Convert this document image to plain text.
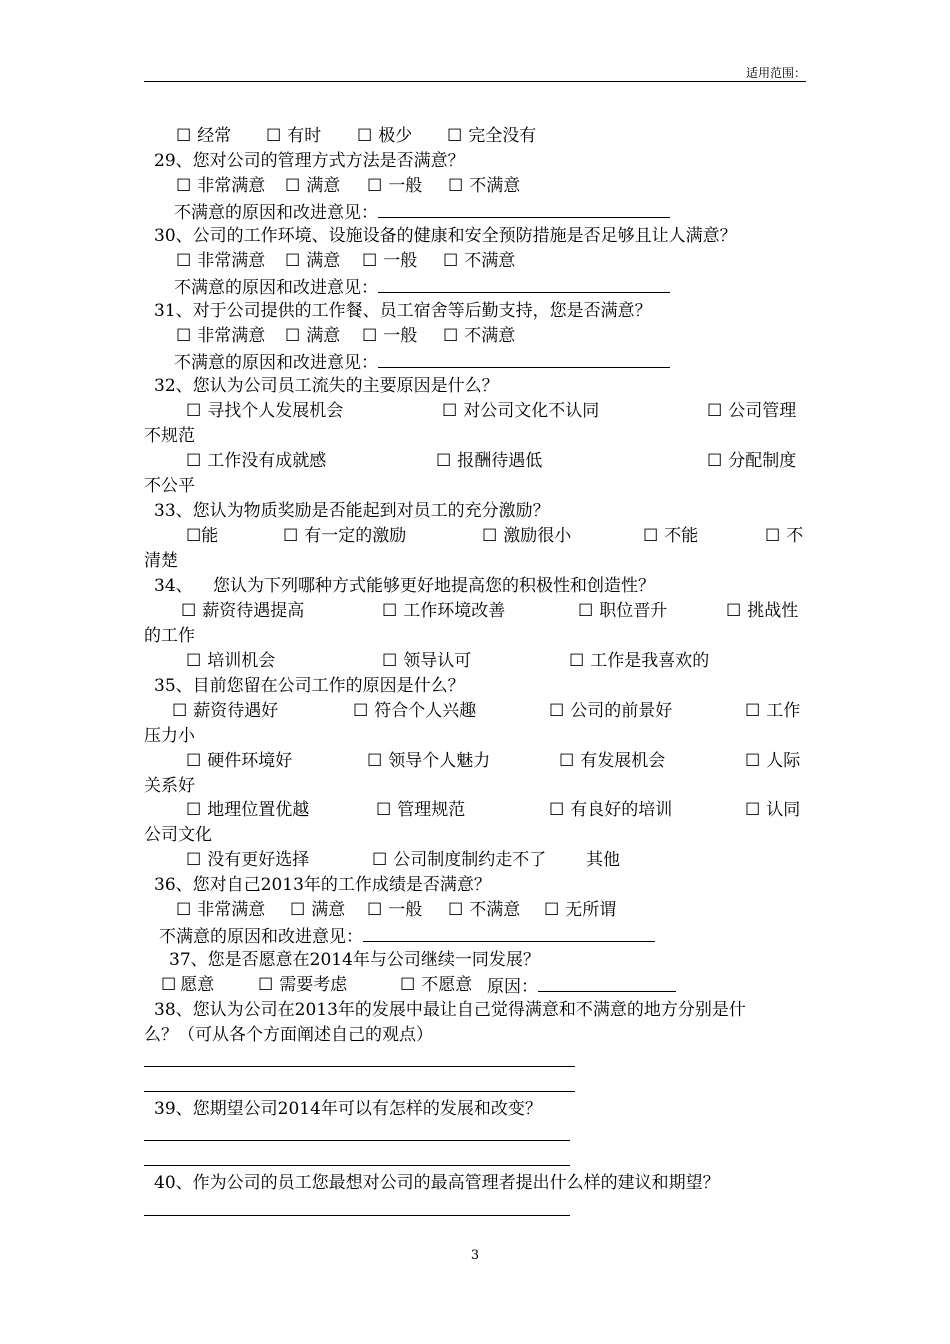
适用范围：
☐ 经常 ☐ 有时 ☐ 极少 ☐ 完全没有
29、您对公司的管理方式方法是否满意？
☐ 非常满意 ☐ 满意 ☐ 一般 ☐ 不满意
不满意的原因和改进意见：
30、公司的工作环境、设施设备的健康和安全预防措施是否足够且让人满意？
☐ 非常满意 ☐ 满意 ☐ 一般 ☐ 不满意
不满意的原因和改进意见：
31、对于公司提供的工作餐、员工宿舍等后勤支持，您是否满意？
☐ 非常满意 ☐ 满意 ☐ 一般 ☐ 不满意
不满意的原因和改进意见：
32、您认为公司员工流失的主要原因是什么？
☐ 寻找个人发展机会	☐ 对公司文化不认同	☐ 公司管理
不规范
☐ 工作没有成就感	☐ 报酬待遇低	☐ 分配制度
不公平
33、您认为物质奖励是否能起到对员工的充分激励？
☐能	☐ 有一定的激励	☐ 激励很小	☐ 不能	☐ 不
清楚
34、 您认为下列哪种方式能够更好地提高您的积极性和创造性？
☐ 薪资待遇提高	☐ 工作环境改善	☐ 职位晋升	☐ 挑战性
的工作
☐ 培训机会	☐ 领导认可	☐ 工作是我喜欢的
35、目前您留在公司工作的原因是什么？
☐ 薪资待遇好	☐ 符合个人兴趣	☐ 公司的前景好	☐ 工作
压力小
☐ 硬件环境好	☐ 领导个人魅力	☐ 有发展机会	☐ 人际
关系好
☐ 地理位置优越	☐ 管理规范	☐ 有良好的培训	☐ 认同
公司文化
☐ 没有更好选择	☐ 公司制度制约走不了 其他
36、您对自己2013年的工作成绩是否满意？
☐ 非常满意 ☐ 满意 ☐ 一般 ☐ 不满意 ☐ 无所谓
不满意的原因和改进意见：
37、您是否愿意在2014年与公司继续一同发展？
☐ 愿意	☐ 需要考虑	☐ 不愿意 原因：
38、您认为公司在2013年的发展中最让自己觉得满意和不满意的地方分别是什
么？（可从各个方面阐述自己的观点）
39、您期望公司2014年可以有怎样的发展和改变？
40、作为公司的员工您最想对公司的最高管理者提出什么样的建议和期望？
3
